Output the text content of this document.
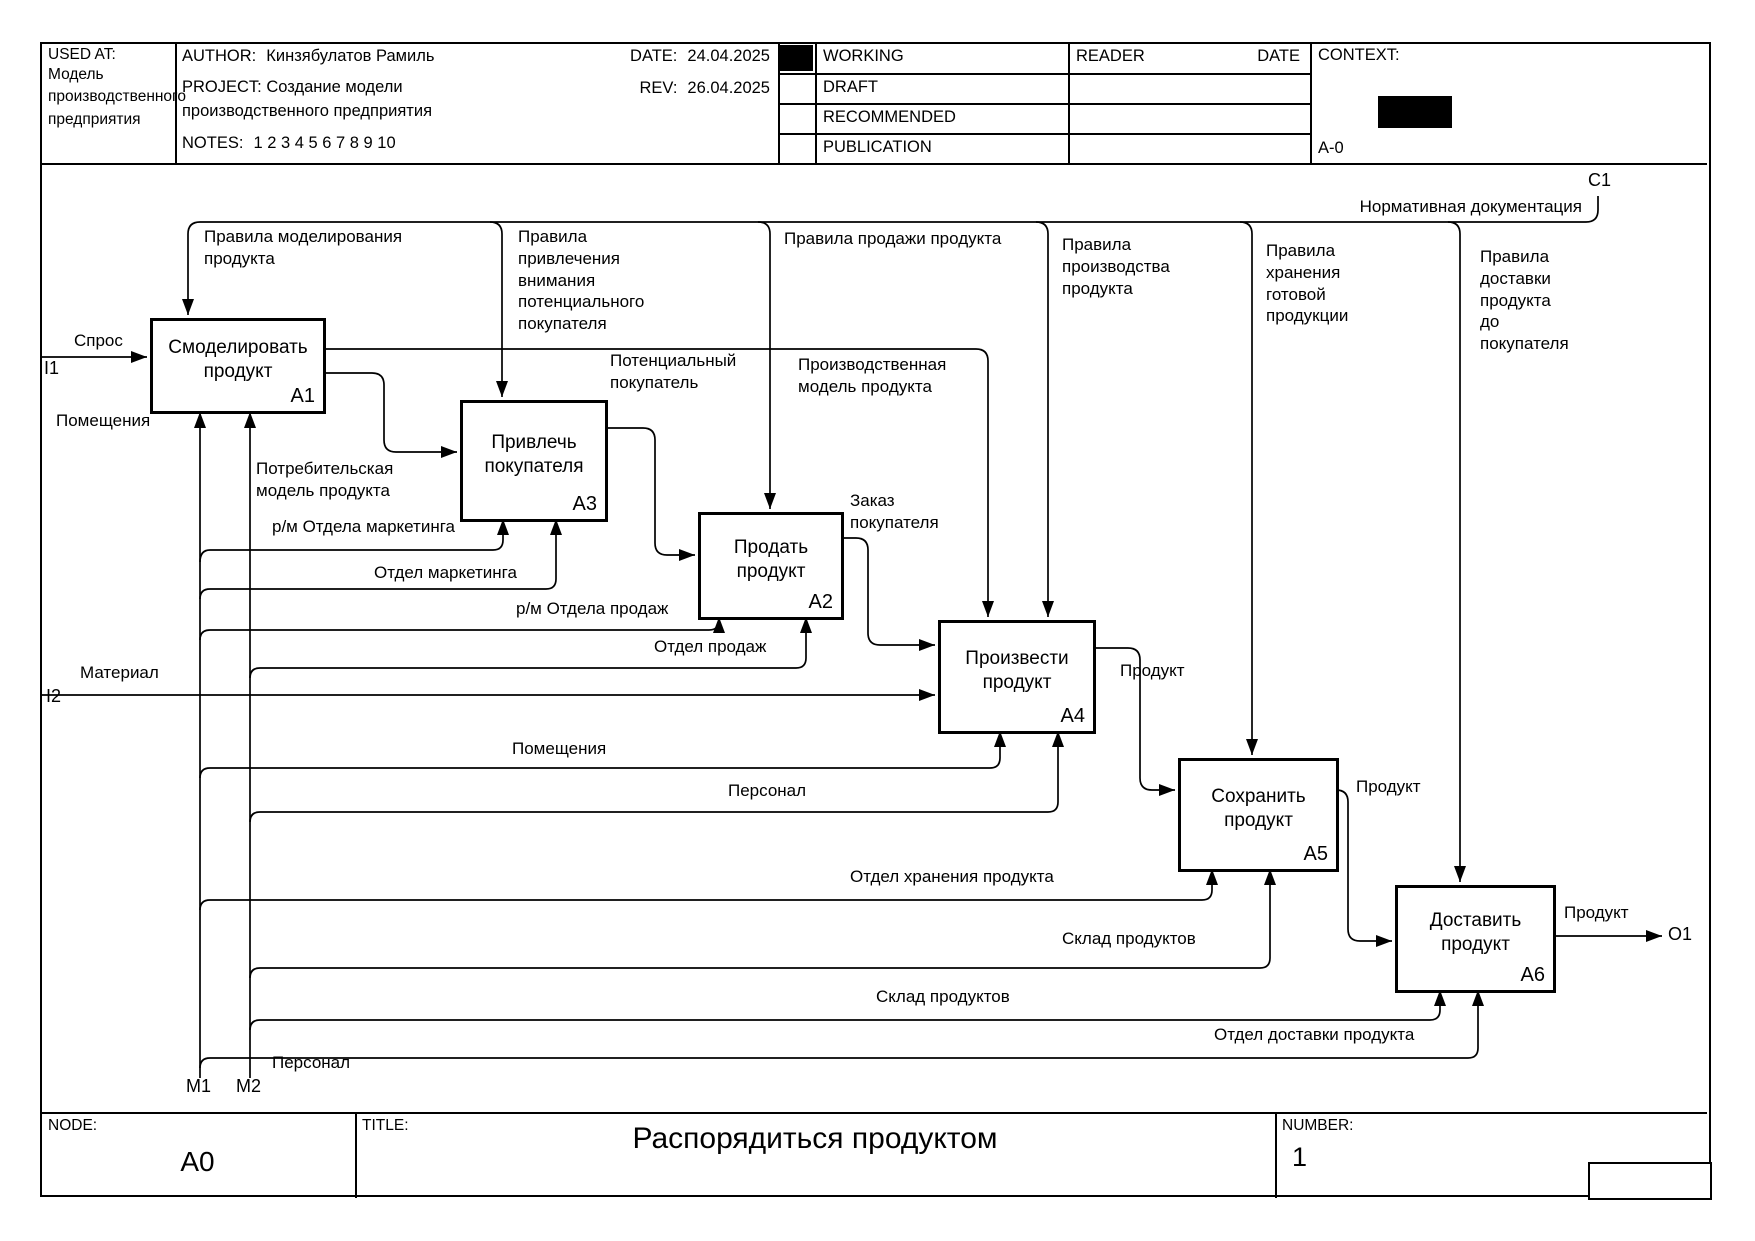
USED AT:
Модель производственного предприятия
AUTHOR: Кинзябулатов Рамиль
PROJECT: Создание модели производственного предприятия
NOTES: 1 2 3 4 5 6 7 8 9 10
DATE: 24.04.2025
REV: 26.04.2025
WORKING
DRAFT
RECOMMENDED
PUBLICATION
READER	DATE CONTEXT:
A-0
Смоделировать
продукт
A1
Привлечь
покупателя
A3
Продать
продукт
A2
Произвести
продукт
A4
Сохранить
продукт
A5
Доставить
продукт
A6
Спрос
I1
Помещения
Правила моделирования
продукта
Правила
привлечения
внимания
потенциального
покупателя
Правила продажи продукта	Правила
производства
продукта
Правила
хранения
готовой
продукции
Правила
доставки
продукта
до
покупателя
Нормативная документация
C1
Потребительская
модель продукта
Потенциальный
покупатель
Производственная
модель продукта
Заказ
покупателя
Материал
I2
р/м Отдела маркетинга
Отдел маркетинга
р/м Отдела продаж
Отдел продаж
Помещения
Персонал
Отдел хранения продукта
Склад продуктов
Склад продуктов
Отдел доставки продукта
Персонал
M1 M2
Продукт
Продукт
Продукт
O1
NODE:
A0
TITLE:	Распорядиться продуктом	NUMBER:
1
